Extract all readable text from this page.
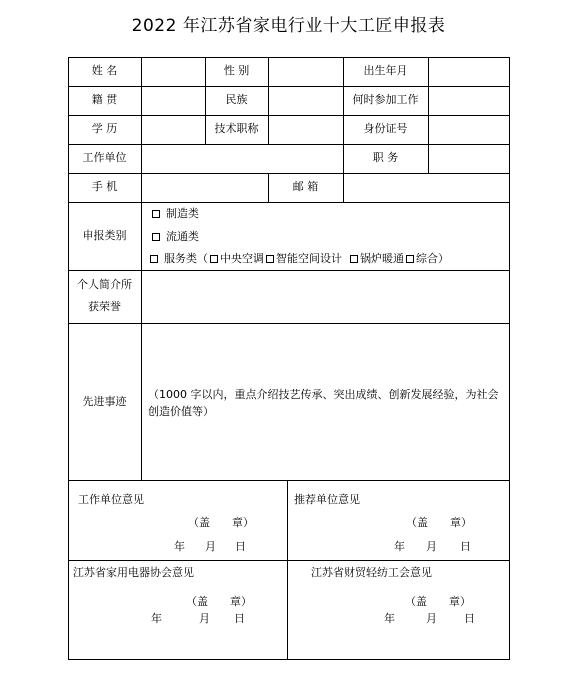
2022 年江苏省家电行业十大工匠申报表
姓 名	性 别	出生年月
籍 贯	民族	何时参加工作
学 历	技术职称	身份证号
工作单位	职 务
手 机	邮 箱
申报类别
制造类
流通类
服务类（ 中央空调 智能空间设计 锅炉暖通 综合）
个人简介所
获荣誉
先进事迹
（1000 字以内，重点介绍技艺传承、突出成绩、创新发展经验，为社会创造价值等）
工作单位意见
（盖　　章）
年 月 日
推荐单位意见
（盖　　章）
年 月 日
江苏省家用电器协会意见
（盖　　章）
年	月 日
江苏省财贸轻纺工会意见
（盖　　章）
年	月 日
